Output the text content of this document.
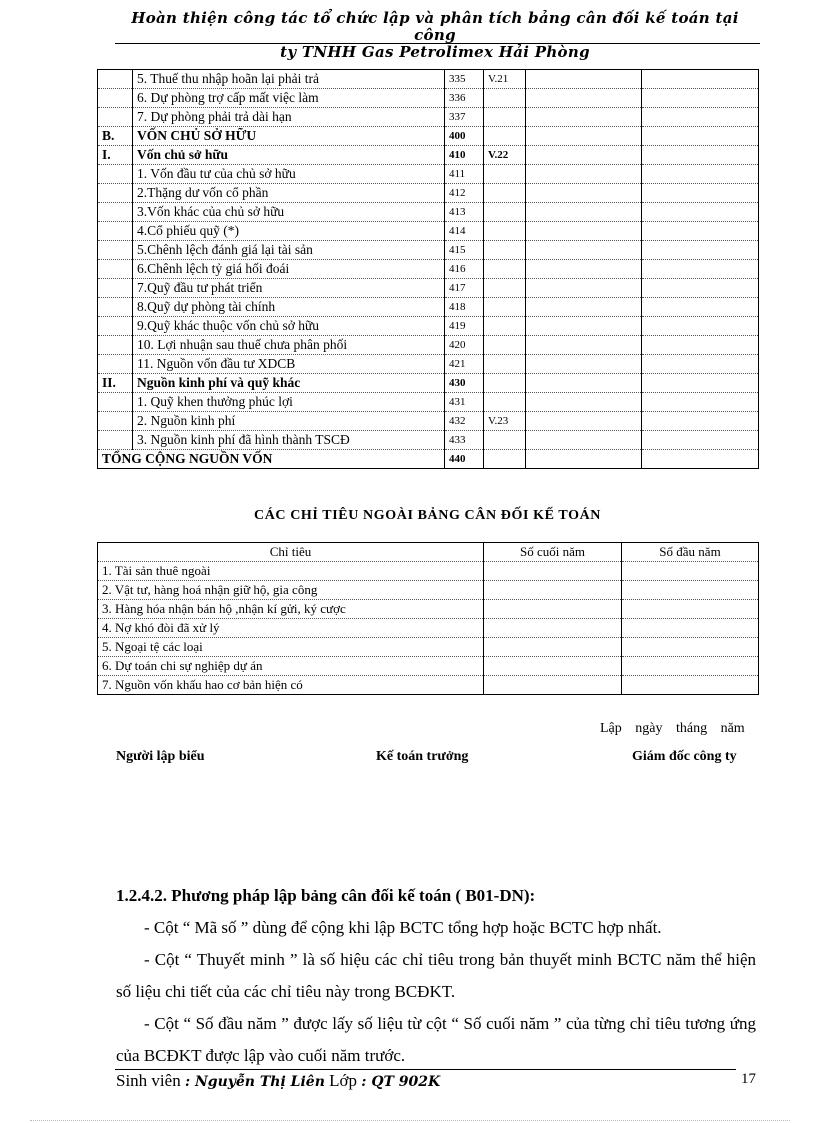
Hoàn thiện công tác tổ chức lập và phân tích bảng cân đối kế toán tại công
ty TNHH Gas Petrolimex Hải Phòng
	5. Thuế thu nhập hoãn lại phải trả	335	V.21		
	6. Dự phòng trợ cấp mất việc làm	336			
	7. Dự phòng phải trả dài hạn	337			
B.	VỐN CHỦ SỞ HỮU	400			
I.	Vốn chủ sở hữu	410	V.22		
	1. Vốn đầu tư của chủ sở hữu	411			
	2.Thặng dư vốn cổ phần	412			
	3.Vốn khác của chủ sở hữu	413			
	4.Cổ phiếu quỹ (*)	414			
	5.Chênh lệch đánh giá lại tài sản	415			
	6.Chênh lệch tỷ giá hối đoái	416			
	7.Quỹ đầu tư phát triển	417			
	8.Quỹ dự phòng tài chính	418			
	9.Quỹ khác thuộc vốn chủ sở hữu	419			
	10. Lợi nhuận sau thuế chưa phân phối	420			
	11. Nguồn vốn đầu tư XDCB	421			
II.	Nguồn kinh phí và quỹ khác	430			
	1. Quỹ khen thưởng phúc lợi	431			
	2. Nguồn kinh phí	432	V.23		
	3. Nguồn kinh phí đã hình thành TSCĐ	433			
TỔNG CỘNG NGUỒN VỐN		440			
CÁC CHỈ TIÊU NGOÀI BẢNG CÂN ĐỐI KẾ TOÁN
Chỉ tiêu	Số cuối năm	Số đầu năm
1. Tài sản thuê ngoài		
2. Vật tư, hàng hoá nhận giữ hộ, gia công		
3. Hàng hóa nhận bán hộ ,nhận kí gửi, ký cược		
4. Nợ khó đòi đã xử lý		
5. Ngoại tệ các loại		
6. Dự toán chi sự nghiệp dự án		
7. Nguồn vốn khấu hao cơ bản hiện có		
Lập ngày tháng năm
Người lập biểu	Kế toán trưởng	Giám đốc công ty
1.2.4.2. Phương pháp lập bảng cân đối kế toán ( B01-DN):
- Cột “ Mã số ” dùng để cộng khi lập BCTC tổng hợp hoặc BCTC hợp nhất.
- Cột “ Thuyết minh ” là số hiệu các chỉ tiêu trong bản thuyết minh BCTC năm thể hiện số liệu chi tiết của các chỉ tiêu này trong BCĐKT.
- Cột “ Số đầu năm ” được lấy số liệu từ cột “ Số cuối năm ” của từng chỉ tiêu tương ứng của BCĐKT được lập vào cuối năm trước.
Sinh viên : Nguyễn Thị Liên Lớp : QT 902K	17
